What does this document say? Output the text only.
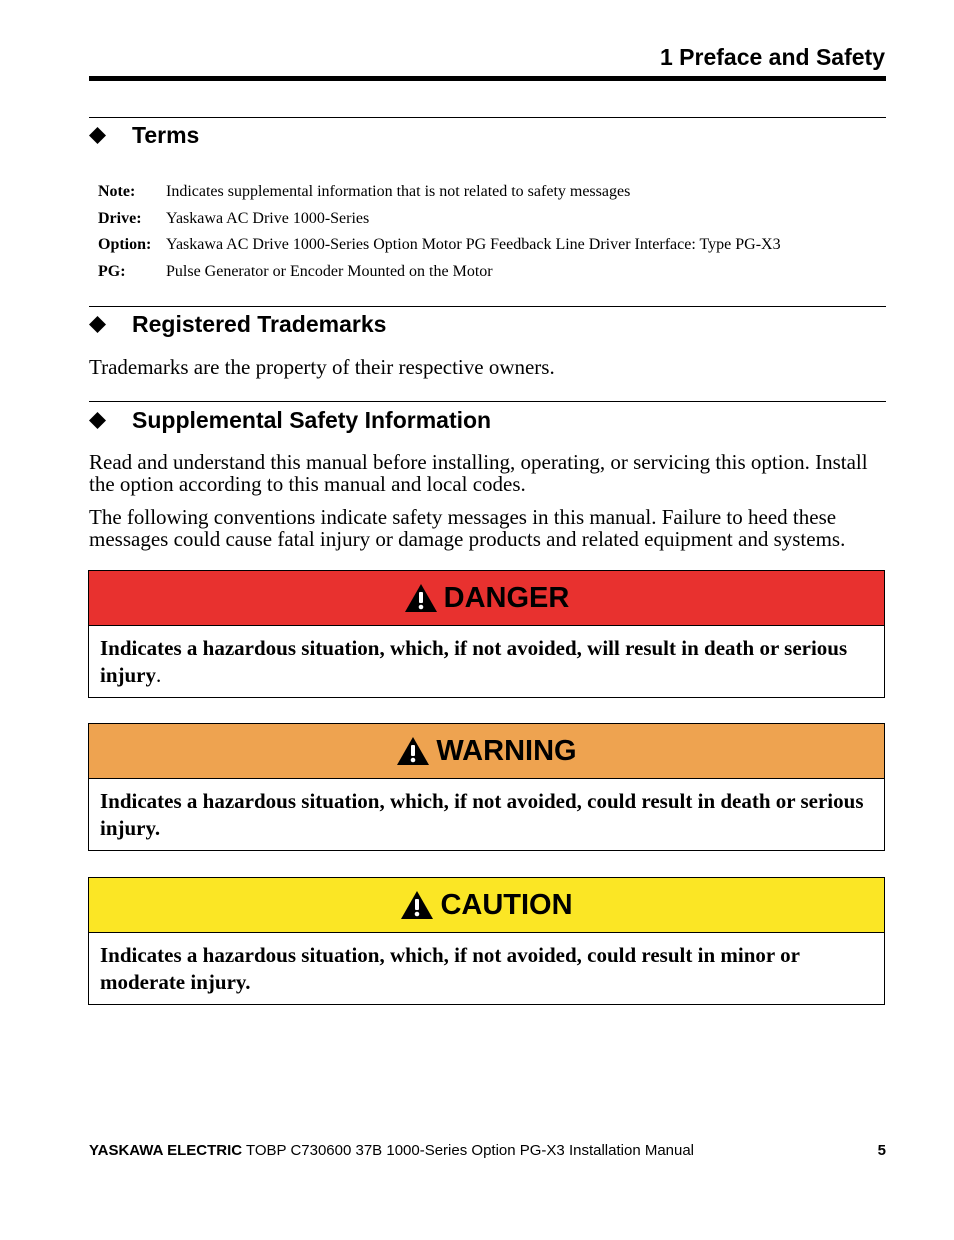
1 Preface and Safety
Terms
Note:	Indicates supplemental information that is not related to safety messages
Drive:	Yaskawa AC Drive 1000-Series
Option: Yaskawa AC Drive 1000-Series Option Motor PG Feedback Line Driver Interface: Type PG-X3
PG:	Pulse Generator or Encoder Mounted on the Motor
Registered Trademarks
Trademarks are the property of their respective owners.
Supplemental Safety Information
Read and understand this manual before installing, operating, or servicing this option. Install the option according to this manual and local codes.
The following conventions indicate safety messages in this manual. Failure to heed these messages could cause fatal injury or damage products and related equipment and systems.
DANGER
Indicates a hazardous situation, which, if not avoided, will result in death or serious injury.
WARNING
Indicates a hazardous situation, which, if not avoided, could result in death or serious injury.
CAUTION
Indicates a hazardous situation, which, if not avoided, could result in minor or moderate injury.
YASKAWA ELECTRIC TOBP C730600 37B 1000-Series Option PG-X3 Installation Manual	5
